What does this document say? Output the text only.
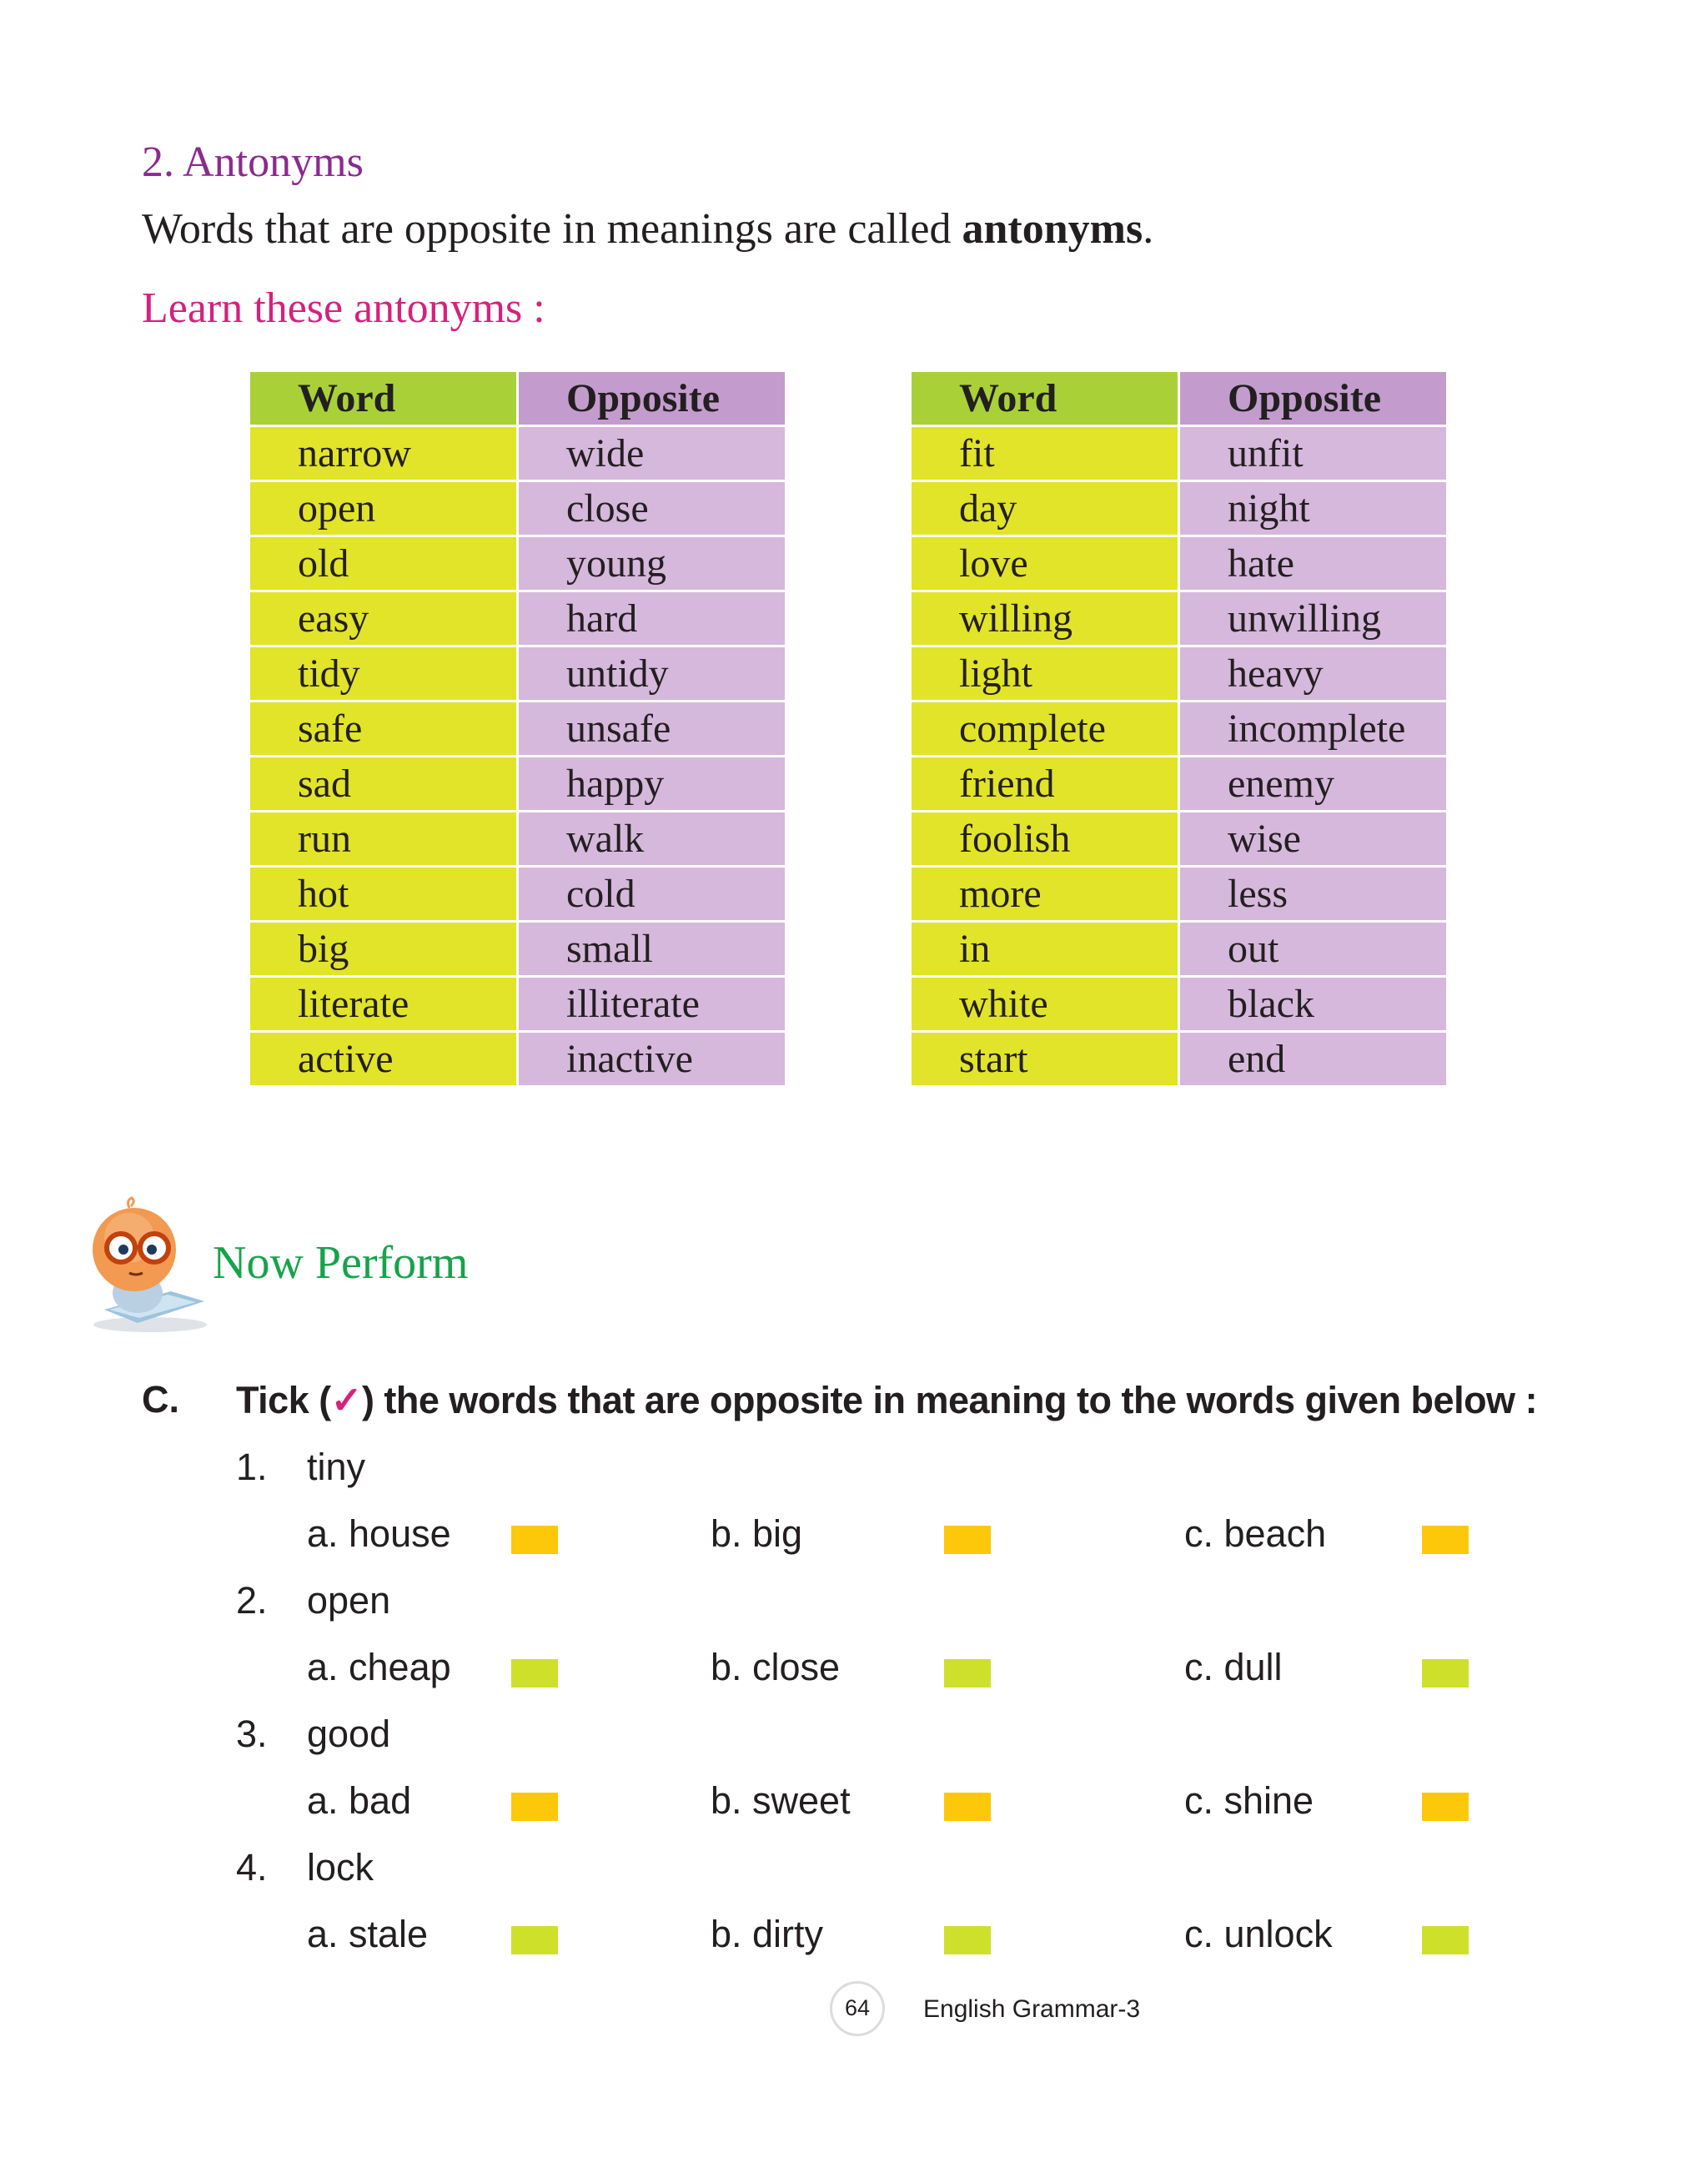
2. Antonyms
Words that are opposite in meanings are called antonyms.
Learn these antonyms :
Word	Opposite
narrow	wide
open	close
old	young
easy	hard
tidy	untidy
safe	unsafe
sad	happy
run	walk
hot	cold
big	small
literate	illiterate
active	inactive
Word	Opposite
fit	unfit
day	night
love	hate
willing	unwilling
light	heavy
complete	incomplete
friend	enemy
foolish	wise
more	less
in	out
white	black
start	end
Now Perform
C. Tick (✓) the words that are opposite in meaning to the words given below :
1. tiny
a. house	b. big	c. beach
2. open
a. cheap	b. close	c. dull
3. good
a. bad	b. sweet	c. shine
4. lock
a. stale	b. dirty	c. unlock
64	English Grammar-3
